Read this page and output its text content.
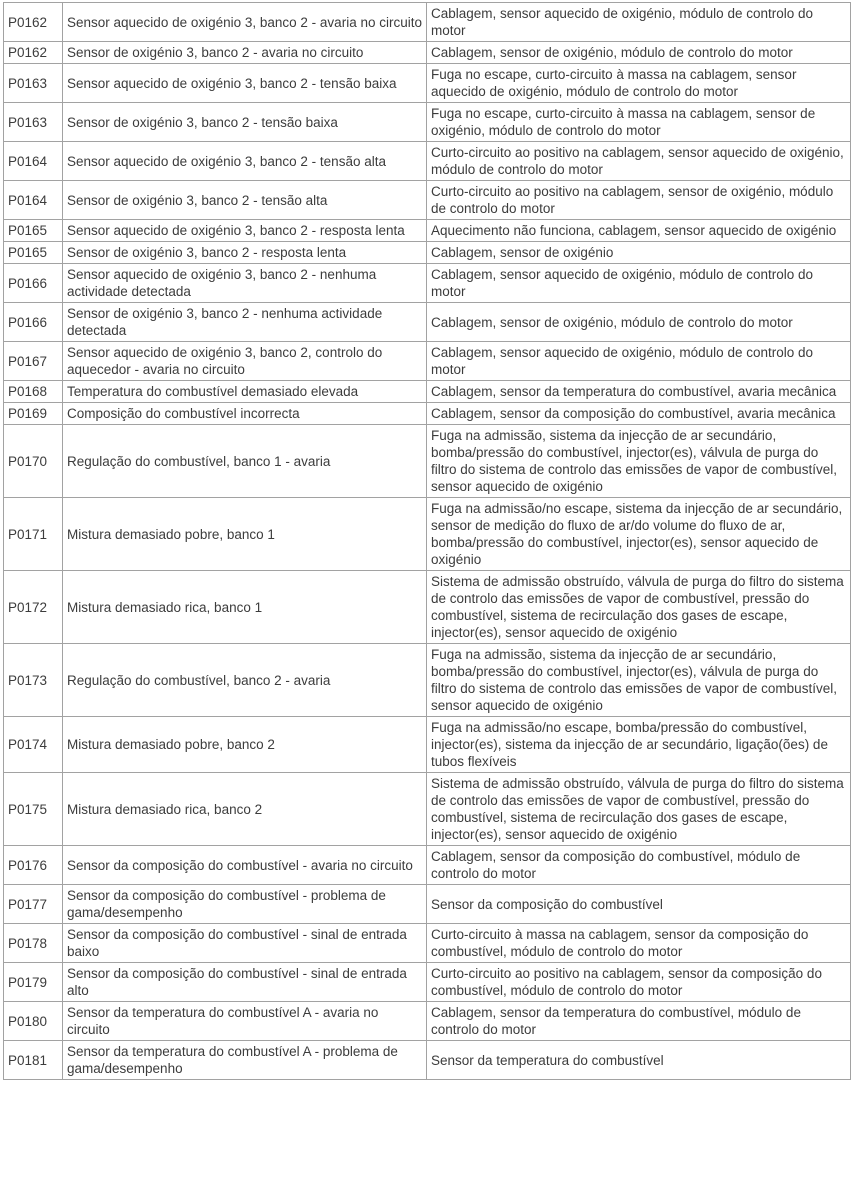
P0162	Sensor aquecido de oxigénio 3, banco 2 - avaria no circuito	Cablagem, sensor aquecido de oxigénio, módulo de controlo do motor
P0162	Sensor de oxigénio 3, banco 2 - avaria no circuito	Cablagem, sensor de oxigénio, módulo de controlo do motor
P0163	Sensor aquecido de oxigénio 3, banco 2 - tensão baixa	Fuga no escape, curto-circuito à massa na cablagem, sensor aquecido de oxigénio, módulo de controlo do motor
P0163	Sensor de oxigénio 3, banco 2 - tensão baixa	Fuga no escape, curto-circuito à massa na cablagem, sensor de oxigénio, módulo de controlo do motor
P0164	Sensor aquecido de oxigénio 3, banco 2 - tensão alta	Curto-circuito ao positivo na cablagem, sensor aquecido de oxigénio, módulo de controlo do motor
P0164	Sensor de oxigénio 3, banco 2 - tensão alta	Curto-circuito ao positivo na cablagem, sensor de oxigénio, módulo de controlo do motor
P0165	Sensor aquecido de oxigénio 3, banco 2 - resposta lenta	Aquecimento não funciona, cablagem, sensor aquecido de oxigénio
P0165	Sensor de oxigénio 3, banco 2 - resposta lenta	Cablagem, sensor de oxigénio
P0166	Sensor aquecido de oxigénio 3, banco 2 - nenhuma actividade detectada	Cablagem, sensor aquecido de oxigénio, módulo de controlo do motor
P0166	Sensor de oxigénio 3, banco 2 - nenhuma actividade detectada	Cablagem, sensor de oxigénio, módulo de controlo do motor
P0167	Sensor aquecido de oxigénio 3, banco 2, controlo do aquecedor - avaria no circuito	Cablagem, sensor aquecido de oxigénio, módulo de controlo do motor
P0168	Temperatura do combustível demasiado elevada	Cablagem, sensor da temperatura do combustível, avaria mecânica
P0169	Composição do combustível incorrecta	Cablagem, sensor da composição do combustível, avaria mecânica
P0170	Regulação do combustível, banco 1 - avaria	Fuga na admissão, sistema da injecção de ar secundário, bomba/pressão do combustível, injector(es), válvula de purga do filtro do sistema de controlo das emissões de vapor de combustível, sensor aquecido de oxigénio
P0171	Mistura demasiado pobre, banco 1	Fuga na admissão/no escape, sistema da injecção de ar secundário, sensor de medição do fluxo de ar/do volume do fluxo de ar, bomba/pressão do combustível, injector(es), sensor aquecido de oxigénio
P0172	Mistura demasiado rica, banco 1	Sistema de admissão obstruído, válvula de purga do filtro do sistema de controlo das emissões de vapor de combustível, pressão do combustível, sistema de recirculação dos gases de escape, injector(es), sensor aquecido de oxigénio
P0173	Regulação do combustível, banco 2 - avaria	Fuga na admissão, sistema da injecção de ar secundário, bomba/pressão do combustível, injector(es), válvula de purga do filtro do sistema de controlo das emissões de vapor de combustível, sensor aquecido de oxigénio
P0174	Mistura demasiado pobre, banco 2	Fuga na admissão/no escape, bomba/pressão do combustível, injector(es), sistema da injecção de ar secundário, ligação(ões) de tubos flexíveis
P0175	Mistura demasiado rica, banco 2	Sistema de admissão obstruído, válvula de purga do filtro do sistema de controlo das emissões de vapor de combustível, pressão do combustível, sistema de recirculação dos gases de escape, injector(es), sensor aquecido de oxigénio
P0176	Sensor da composição do combustível - avaria no circuito	Cablagem, sensor da composição do combustível, módulo de controlo do motor
P0177	Sensor da composição do combustível - problema de gama/desempenho	Sensor da composição do combustível
P0178	Sensor da composição do combustível - sinal de entrada baixo	Curto-circuito à massa na cablagem, sensor da composição do combustível, módulo de controlo do motor
P0179	Sensor da composição do combustível - sinal de entrada alto	Curto-circuito ao positivo na cablagem, sensor da composição do combustível, módulo de controlo do motor
P0180	Sensor da temperatura do combustível A - avaria no circuito	Cablagem, sensor da temperatura do combustível, módulo de controlo do motor
P0181	Sensor da temperatura do combustível A - problema de gama/desempenho	Sensor da temperatura do combustível
